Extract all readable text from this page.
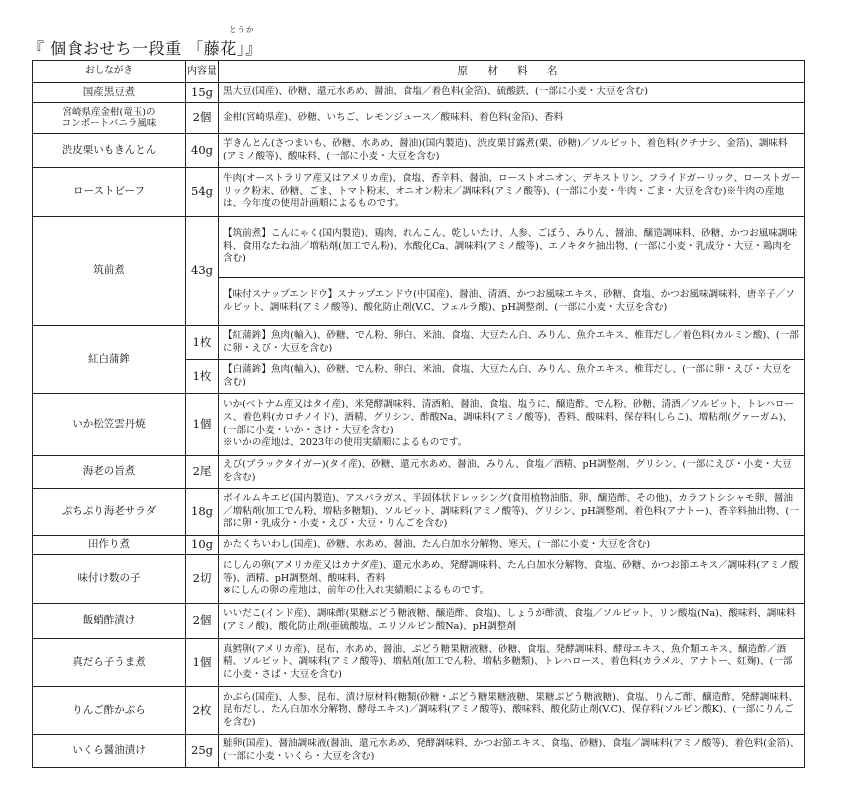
とうか
『 個食おせち一段重 「藤花」』
おしながき	内容量	原 材 料 名
国産黒豆煮	15g	黒大豆(国産)、砂糖、還元水あめ、醤油、食塩／着色料(金箔)、硫酸鉄、(一部に小麦・大豆を含む)
宮崎県産金柑(竜玉)の
コンポートバニラ風味	2個	金柑(宮崎県産)、砂糖、いちご、レモンジュース／酸味料、着色料(金箔)、香料
渋皮栗いもきんとん	40g	芋きんとん(さつまいも、砂糖、水あめ、醤油)(国内製造)、渋皮栗甘露煮(栗、砂糖)／ソルビット、着色料(クチナシ、金箔)、調味料(アミノ酸等)、酸味料、(一部に小麦・大豆を含む)
ローストビーフ	54g	牛肉(オーストラリア産又はアメリカ産)、食塩、香辛料、醤油、ローストオニオン、デキストリン、フライドガーリック、ローストガーリック粉末、砂糖、ごま、トマト粉末、オニオン粉末／調味料(アミノ酸等)、(一部に小麦・牛肉・ごま・大豆を含む)※牛肉の産地は、今年度の使用計画順によるものです。
筑前煮	43g	【筑前煮】こんにゃく(国内製造)、鶏肉、れんこん、乾しいたけ、人参、ごぼう、みりん、醤油、醸造調味料、砂糖、かつお風味調味料、食用なたね油／増粘剤(加工でん粉)、水酸化Ca、調味料(アミノ酸等)、エノキタケ抽出物、(一部に小麦・乳成分・大豆・鶏肉を含む)
		【味付スナップエンドウ】スナップエンドウ(中国産)、醤油、清酒、かつお風味エキス、砂糖、食塩、かつお風味調味料、唐辛子／ソルビット、調味料(アミノ酸等)、酸化防止剤(V.C、フェルラ酸)、pH調整剤、(一部に小麦・大豆を含む)
紅白蒲鉾	1枚	【紅蒲鉾】魚肉(輸入)、砂糖、でん粉、卵白、米油、食塩、大豆たん白、みりん、魚介エキス、椎茸だし／着色料(カルミン酸)、(一部に卵・えび・大豆を含む)
	1枚	【白蒲鉾】魚肉(輸入)、砂糖、でん粉、卵白、米油、食塩、大豆たん白、みりん、魚介エキス、椎茸だし、(一部に卵・えび・大豆を含む)
いか松笠雲丹焼	1個	いか(ベトナム産又はタイ産)、米発酵調味料、清酒粕、醤油、食塩、塩うに、醸造酢、でん粉、砂糖、清酒／ソルビット、トレハロース、着色料(カロチノイド)、酒精、グリシン、酢酸Na、調味料(アミノ酸等)、香料、酸味料、保存料(しらこ)、増粘剤(グァーガム)、(一部に小麦・いか・さけ・大豆を含む)
※いかの産地は、2023年の使用実績順によるものです。
海老の旨煮	2尾	えび(ブラックタイガー)(タイ産)、砂糖、還元水あめ、醤油、みりん、食塩／酒精、pH調整剤、グリシン、(一部にえび・小麦・大豆を含む)
ぷちぷり海老サラダ	18g	ボイルムキエビ(国内製造)、アスパラガス、半固体状ドレッシング(食用植物油脂、卵、醸造酢、その他)、カラフトシシャモ卵、醤油／増粘剤(加工でん粉、増粘多糖類)、ソルビット、調味料(アミノ酸等)、グリシン、pH調整剤、着色料(アナトー)、香辛料抽出物、(一部に卵・乳成分・小麦・えび・大豆・りんごを含む)
田作り煮	10g	かたくちいわし(国産)、砂糖、水あめ、醤油、たん白加水分解物、寒天、(一部に小麦・大豆を含む)
味付け数の子	2切	にしんの卵(アメリカ産又はカナダ産)、還元水あめ、発酵調味料、たん白加水分解物、食塩、砂糖、かつお節エキス／調味料(アミノ酸等)、酒精、pH調整剤、酸味料、香料
※にしんの卵の産地は、前年の仕入れ実績順によるものです。
飯蛸酢漬け	2個	いいだこ(インド産)、調味酢(果糖ぶどう糖液糖、醸造酢、食塩)、しょうが酢漬、食塩／ソルビット、リン酸塩(Na)、酸味料、調味料(アミノ酸)、酸化防止剤(亜硫酸塩、エリソルビン酸Na)、pH調整剤
真だら子うま煮	1個	真鱈卵(アメリカ産)、昆布、水あめ、醤油、ぶどう糖果糖液糖、砂糖、食塩、発酵調味料、酵母エキス、魚介類エキス、醸造酢／酒精、ソルビット、調味料(アミノ酸等)、増粘剤(加工でん粉、増粘多糖類)、トレハロース、着色料(カラメル、アナトー、紅麹)、(一部に小麦・さば・大豆を含む)
りんご酢かぶら	2枚	かぶら(国産)、人参、昆布、漬け原材料(糖類(砂糖・ぶどう糖果糖液糖、果糖ぶどう糖液糖)、食塩、りんご酢、醸造酢、発酵調味料、昆布だし、たん白加水分解物、酵母エキス)／調味料(アミノ酸等)、酸味料、酸化防止剤(V.C)、保存料(ソルビン酸K)、(一部にりんごを含む)
いくら醤油漬け	25g	鮭卵(国産)、醤油調味液(醤油、還元水あめ、発酵調味料、かつお節エキス、食塩、砂糖)、食塩／調味料(アミノ酸等)、着色料(金箔)、(一部に小麦・いくら・大豆を含む)
